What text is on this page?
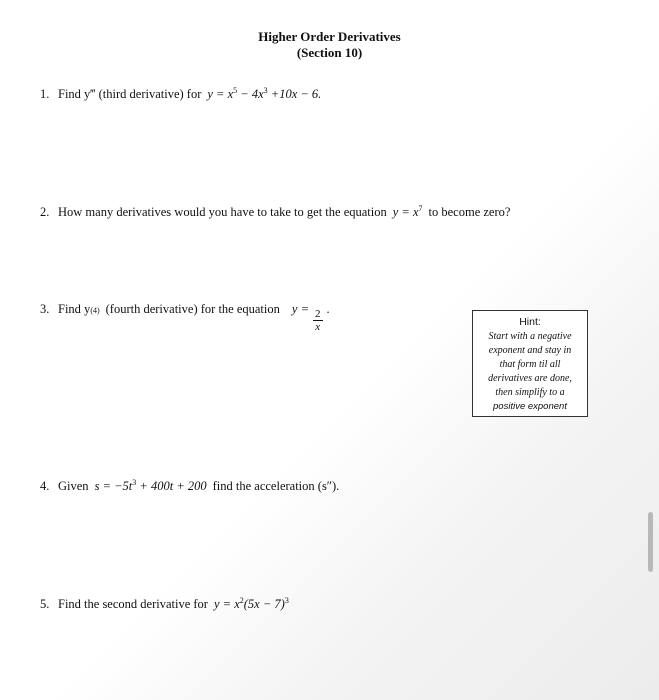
Higher Order Derivatives
(Section 10)
1. Find y‴ (third derivative) for $y = x^5 - 4x^3 +10x - 6$.
2. How many derivatives would you have to take to get the equation $y = x^7$ to become zero?
3. Find y (4) (fourth derivative) for the equation $y = \frac{2}{x}$ .
Hint:
Start with a negative
exponent and stay in
that form til all
derivatives are done,
then simplify to a
positive exponent
4. Given $s = -5t^3 + 400t + 200$ find the acceleration (s″).
5. Find the second derivative for $y = x^2(5x - 7)^3$
